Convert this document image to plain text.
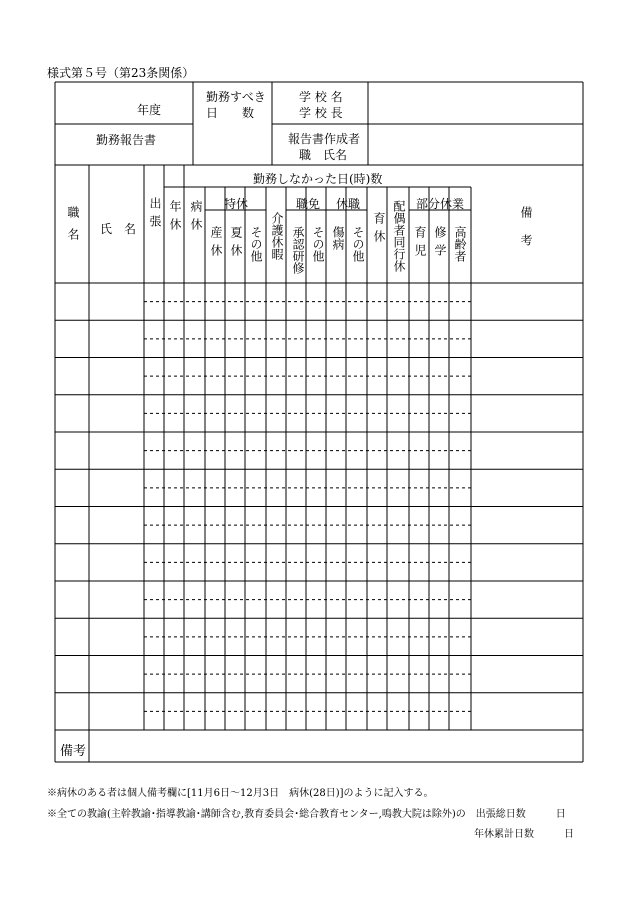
様式第５号（第23条関係）
年度
勤務報告書
勤務すべき
日　　数
学 校 名
学 校 長
報告書作成者
職　氏名
職名 氏　名 出張
勤務しなかった日(時)数
年休 病休 特休
産休 夏休 その他 介護休暇
職免
承認研修 その他
休職
傷病 その他 育休 配偶者同行休 部分休業
育児 修学 高齢者	備　考
備考
※病休のある者は個人備考欄に[11月6日～12月3日　病休(28日)]のように記入する。
※全ての教諭(主幹教諭･指導教諭･講師含む,教育委員会･総合教育センター,鳴教大院は除外)の　出張総日数　　　日
年休累計日数　　　日
